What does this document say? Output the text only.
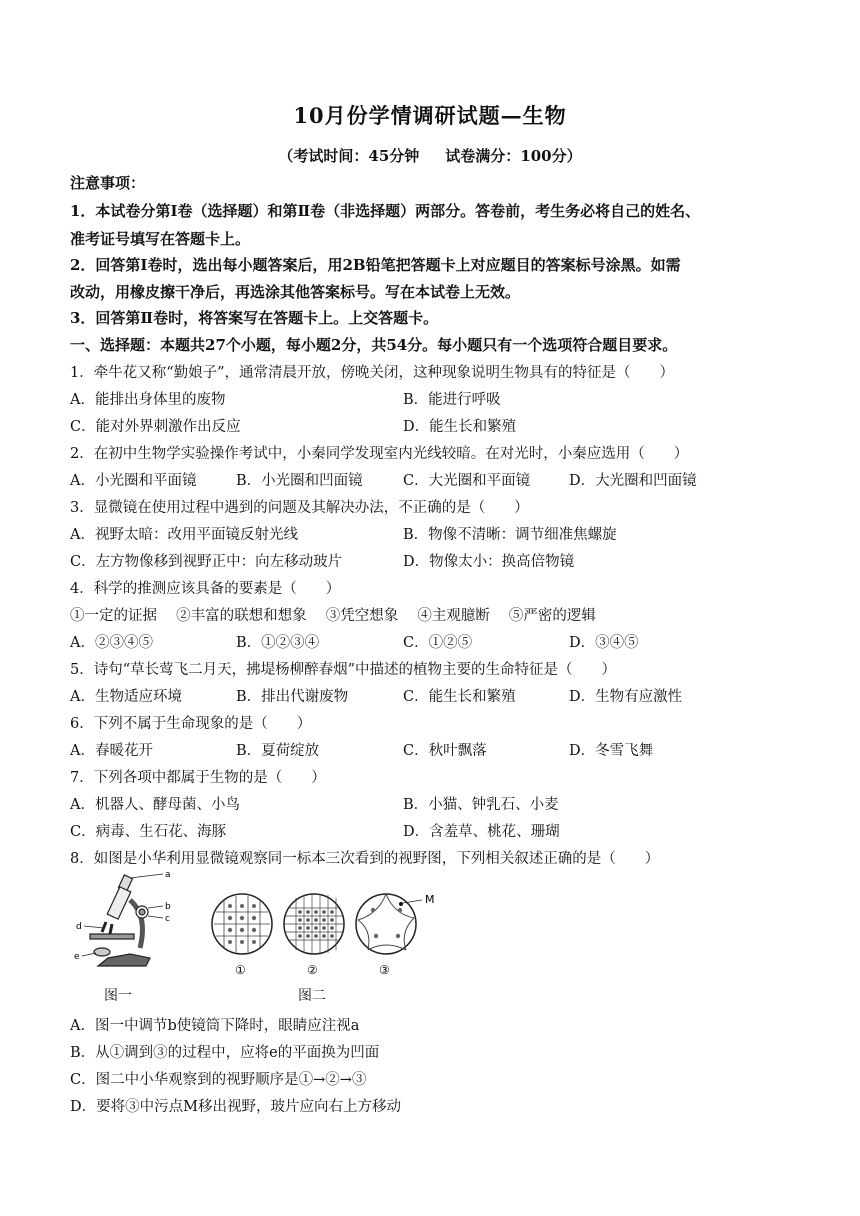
10月份学情调研试题—生物
（考试时间：45分钟 试卷满分：100分）
注意事项：
1．本试卷分第Ⅰ卷（选择题）和第Ⅱ卷（非选择题）两部分。答卷前，考生务必将自己的姓名、
准考证号填写在答题卡上。
2．回答第Ⅰ卷时，选出每小题答案后，用2B铅笔把答题卡上对应题目的答案标号涂黑。如需
改动，用橡皮擦干净后，再选涂其他答案标号。写在本试卷上无效。
3．回答第Ⅱ卷时，将答案写在答题卡上。上交答题卡。
一、选择题：本题共27个小题，每小题2分，共54分。每小题只有一个选项符合题目要求。
1．牵牛花又称“勤娘子”，通常清晨开放，傍晚关闭，这种现象说明生物具有的特征是（　　）
A．能排出身体里的废物	B．能进行呼吸
C．能对外界刺激作出反应	D．能生长和繁殖
2．在初中生物学实验操作考试中，小秦同学发现室内光线较暗。在对光时，小秦应选用（　　）
A．小光圈和平面镜	B．小光圈和凹面镜	C．大光圈和平面镜	D．大光圈和凹面镜
3．显微镜在使用过程中遇到的问题及其解决办法，不正确的是（　　）
A．视野太暗：改用平面镜反射光线	B．物像不清晰：调节细准焦螺旋
C．左方物像移到视野正中：向左移动玻片	D．物像太小：换高倍物镜
4．科学的推测应该具备的要素是（　　）
①一定的证据　 ②丰富的联想和想象　 ③凭空想象　 ④主观臆断　 ⑤严密的逻辑
A．②③④⑤	B．①②③④	C．①②⑤	D．③④⑤
5．诗句“草长莺飞二月天，拂堤杨柳醉春烟”中描述的植物主要的生命特征是（　　）
A．生物适应环境	B．排出代谢废物	C．能生长和繁殖	D．生物有应激性
6．下列不属于生命现象的是（　　）
A．春暖花开	B．夏荷绽放	C．秋叶飘落	D．冬雪飞舞
7．下列各项中都属于生物的是（　　）
A．机器人、酵母菌、小鸟	B．小猫、钟乳石、小麦
C．病毒、生石花、海豚	D．含羞草、桃花、珊瑚
8．如图是小华利用显微镜观察同一标本三次看到的视野图，下列相关叙述正确的是（　　）
a
b
c
d
e
M
①	②	③
图一	图二
A．图一中调节b使镜筒下降时，眼睛应注视a
B．从①调到③的过程中，应将e的平面换为凹面
C．图二中小华观察到的视野顺序是①→②→③
D．要将③中污点M移出视野，玻片应向右上方移动
